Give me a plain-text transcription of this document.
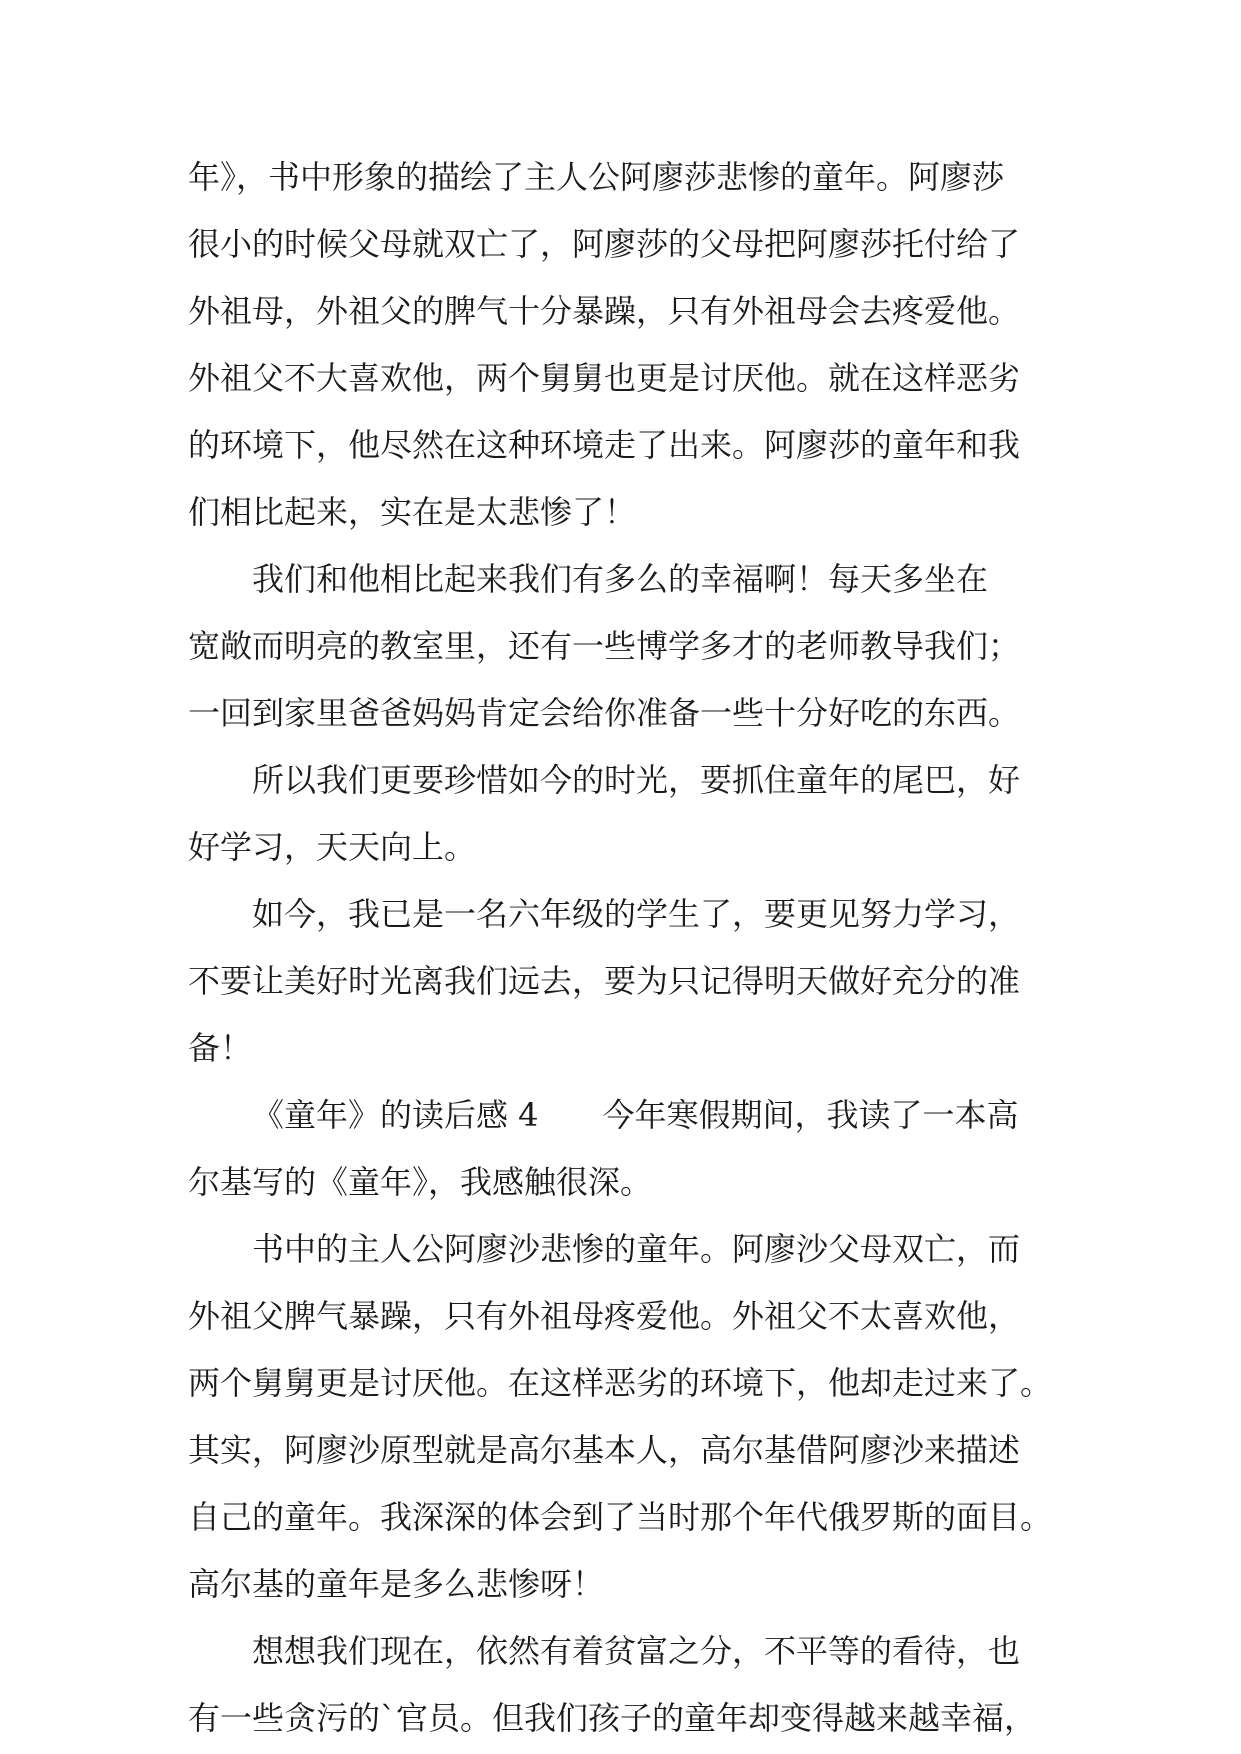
年》，书中形象的描绘了主人公阿廖莎悲惨的童年。阿廖莎
很小的时候父母就双亡了，阿廖莎的父母把阿廖莎托付给了
外祖母，外祖父的脾气十分暴躁，只有外祖母会去疼爱他。
外祖父不大喜欢他，两个舅舅也更是讨厌他。就在这样恶劣
的环境下，他尽然在这种环境走了出来。阿廖莎的童年和我
们相比起来，实在是太悲惨了！
我们和他相比起来我们有多么的幸福啊！每天多坐在
宽敞而明亮的教室里，还有一些博学多才的老师教导我们；
一回到家里爸爸妈妈肯定会给你准备一些十分好吃的东西。
所以我们更要珍惜如今的时光，要抓住童年的尾巴，好
好学习，天天向上。
如今，我已是一名六年级的学生了，要更见努力学习，
不要让美好时光离我们远去，要为只记得明天做好充分的准
备！
《童年》的读后感 4　　今年寒假期间，我读了一本高
尔基写的《童年》，我感触很深。
书中的主人公阿廖沙悲惨的童年。阿廖沙父母双亡，而
外祖父脾气暴躁，只有外祖母疼爱他。外祖父不太喜欢他，
两个舅舅更是讨厌他。在这样恶劣的环境下，他却走过来了。
其实，阿廖沙原型就是高尔基本人，高尔基借阿廖沙来描述
自己的童年。我深深的体会到了当时那个年代俄罗斯的面目。
高尔基的童年是多么悲惨呀！
想想我们现在，依然有着贫富之分，不平等的看待，也
有一些贪污的`官员。但我们孩子的童年却变得越来越幸福，
